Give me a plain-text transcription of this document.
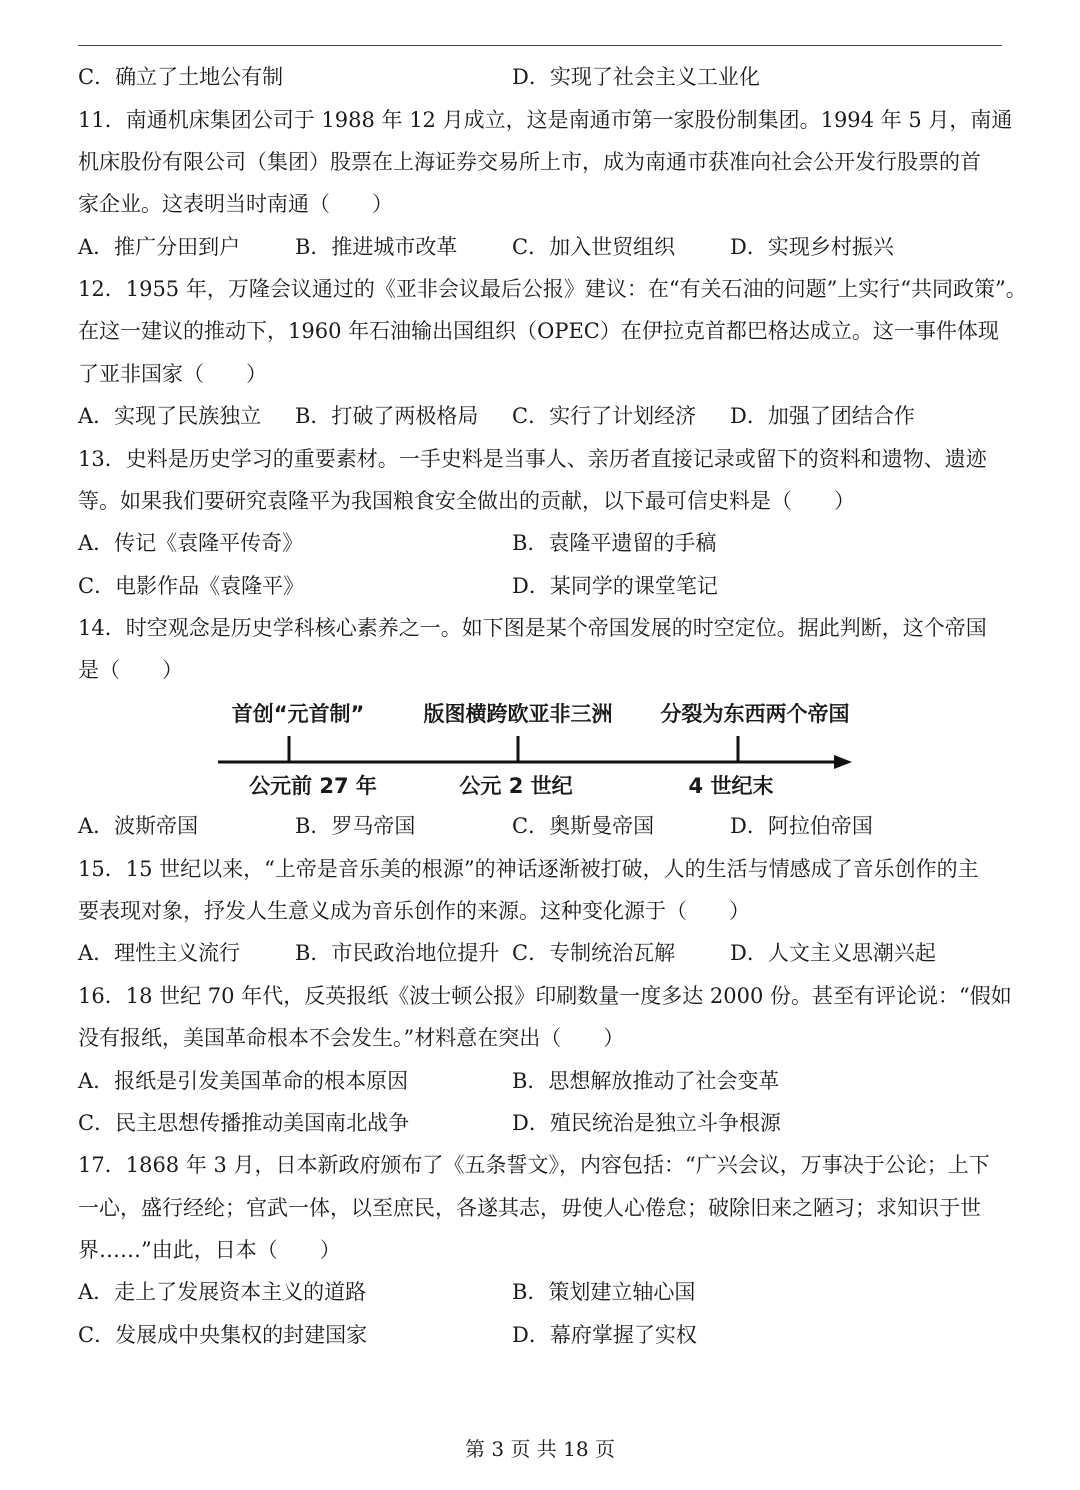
C．确立了土地公有制	D．实现了社会主义工业化
11．南通机床集团公司于 1988 年 12 月成立，这是南通市第一家股份制集团。1994 年 5 月，南通
机床股份有限公司（集团）股票在上海证券交易所上市，成为南通市获准向社会公开发行股票的首
家企业。这表明当时南通（　　）
A．推广分田到户	B．推进城市改革	C．加入世贸组织	D．实现乡村振兴
12．1955 年，万隆会议通过的《亚非会议最后公报》建议：在“有关石油的问题”上实行“共同政策”。
在这一建议的推动下，1960 年石油输出国组织（OPEC）在伊拉克首都巴格达成立。这一事件体现
了亚非国家（　　）
A．实现了民族独立 B．打破了两极格局 C．实行了计划经济 D．加强了团结合作
13．史料是历史学习的重要素材。一手史料是当事人、亲历者直接记录或留下的资料和遗物、遗迹
等。如果我们要研究袁隆平为我国粮食安全做出的贡献，以下最可信史料是（　　）
A．传记《袁隆平传奇》	B．袁隆平遗留的手稿
C．电影作品《袁隆平》	D．某同学的课堂笔记
14．时空观念是历史学科核心素养之一。如下图是某个帝国发展的时空定位。据此判断，这个帝国
是（　　）
首创“元首制”	版图横跨欧亚非三洲 分裂为东西两个帝国
公元前 27 年	公元 2 世纪	4 世纪末
A．波斯帝国	B．罗马帝国	C．奥斯曼帝国	D．阿拉伯帝国
15．15 世纪以来，“上帝是音乐美的根源”的神话逐渐被打破，人的生活与情感成了音乐创作的主
要表现对象，抒发人生意义成为音乐创作的来源。这种变化源于（　　）
A．理性主义流行	B．市民政治地位提升 C．专制统治瓦解	D．人文主义思潮兴起
16．18 世纪 70 年代，反英报纸《波士顿公报》印刷数量一度多达 2000 份。甚至有评论说：“假如
没有报纸，美国革命根本不会发生。”材料意在突出（　　）
A．报纸是引发美国革命的根本原因	B．思想解放推动了社会变革
C．民主思想传播推动美国南北战争	D．殖民统治是独立斗争根源
17．1868 年 3 月，日本新政府颁布了《五条誓文》，内容包括：“广兴会议，万事决于公论；上下
一心，盛行经纶；官武一体，以至庶民，各遂其志，毋使人心倦怠；破除旧来之陋习；求知识于世
界……”由此，日本（　　）
A．走上了发展资本主义的道路	B．策划建立轴心国
C．发展成中央集权的封建国家	D．幕府掌握了实权
第 3 页 共 18 页
